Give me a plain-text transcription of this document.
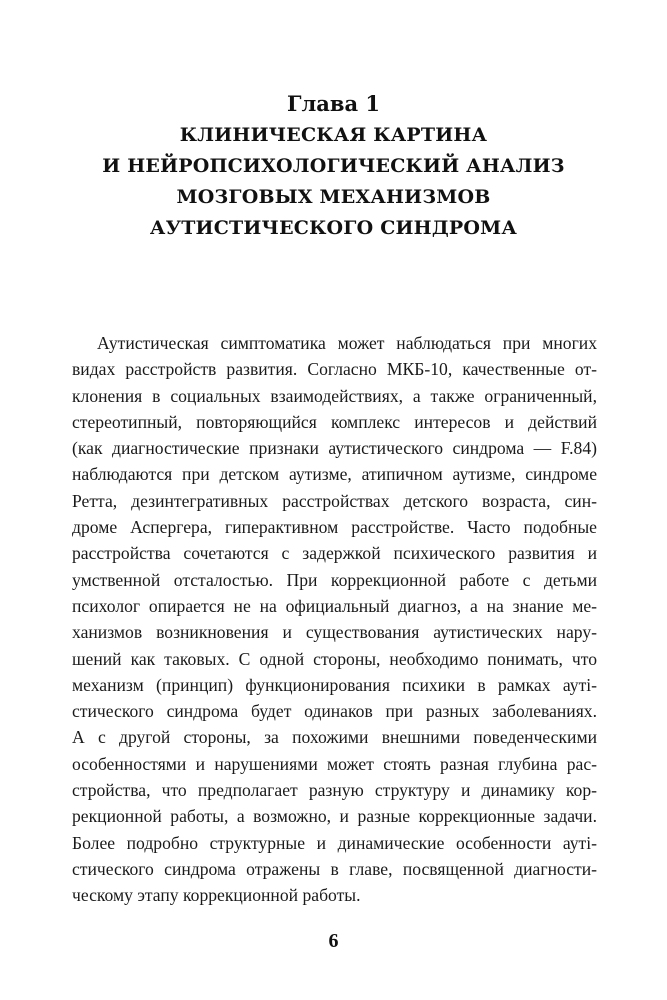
Глава 1
КЛИНИЧЕСКАЯ КАРТИНА
И НЕЙРОПСИХОЛОГИЧЕСКИЙ АНАЛИЗ
МОЗГОВЫХ МЕХАНИЗМОВ
АУТИСТИЧЕСКОГО СИНДРОМА
Аутистическая симптоматика может наблюдаться при многих
видах расстройств развития. Согласно МКБ-10, качественные от-
клонения в социальных взаимодействиях, а также ограниченный,
стереотипный, повторяющийся комплекс интересов и действий
(как диагностические признаки аутистического синдрома — F.84)
наблюдаются при детском аутизме, атипичном аутизме, синдроме
Ретта, дезинтегративных расстройствах детского возраста, син-
дроме Аспергера, гиперактивном расстройстве. Часто подобные
расстройства сочетаются с задержкой психического развития и
умственной отсталостью. При коррекционной работе с детьми
психолог опирается не на официальный диагноз, а на знание ме-
ханизмов возникновения и существования аутистических нару-
шений как таковых. С одной стороны, необходимо понимать, что
механизм (принцип) функционирования психики в рамках ауті-
стического синдрома будет одинаков при разных заболеваниях.
А с другой стороны, за похожими внешними поведенческими
особенностями и нарушениями может стоять разная глубина рас-
стройства, что предполагает разную структуру и динамику кор-
рекционной работы, а возможно, и разные коррекционные задачи.
Более подробно структурные и динамические особенности ауті-
стического синдрома отражены в главе, посвященной диагности-
ческому этапу коррекционной работы.
6
